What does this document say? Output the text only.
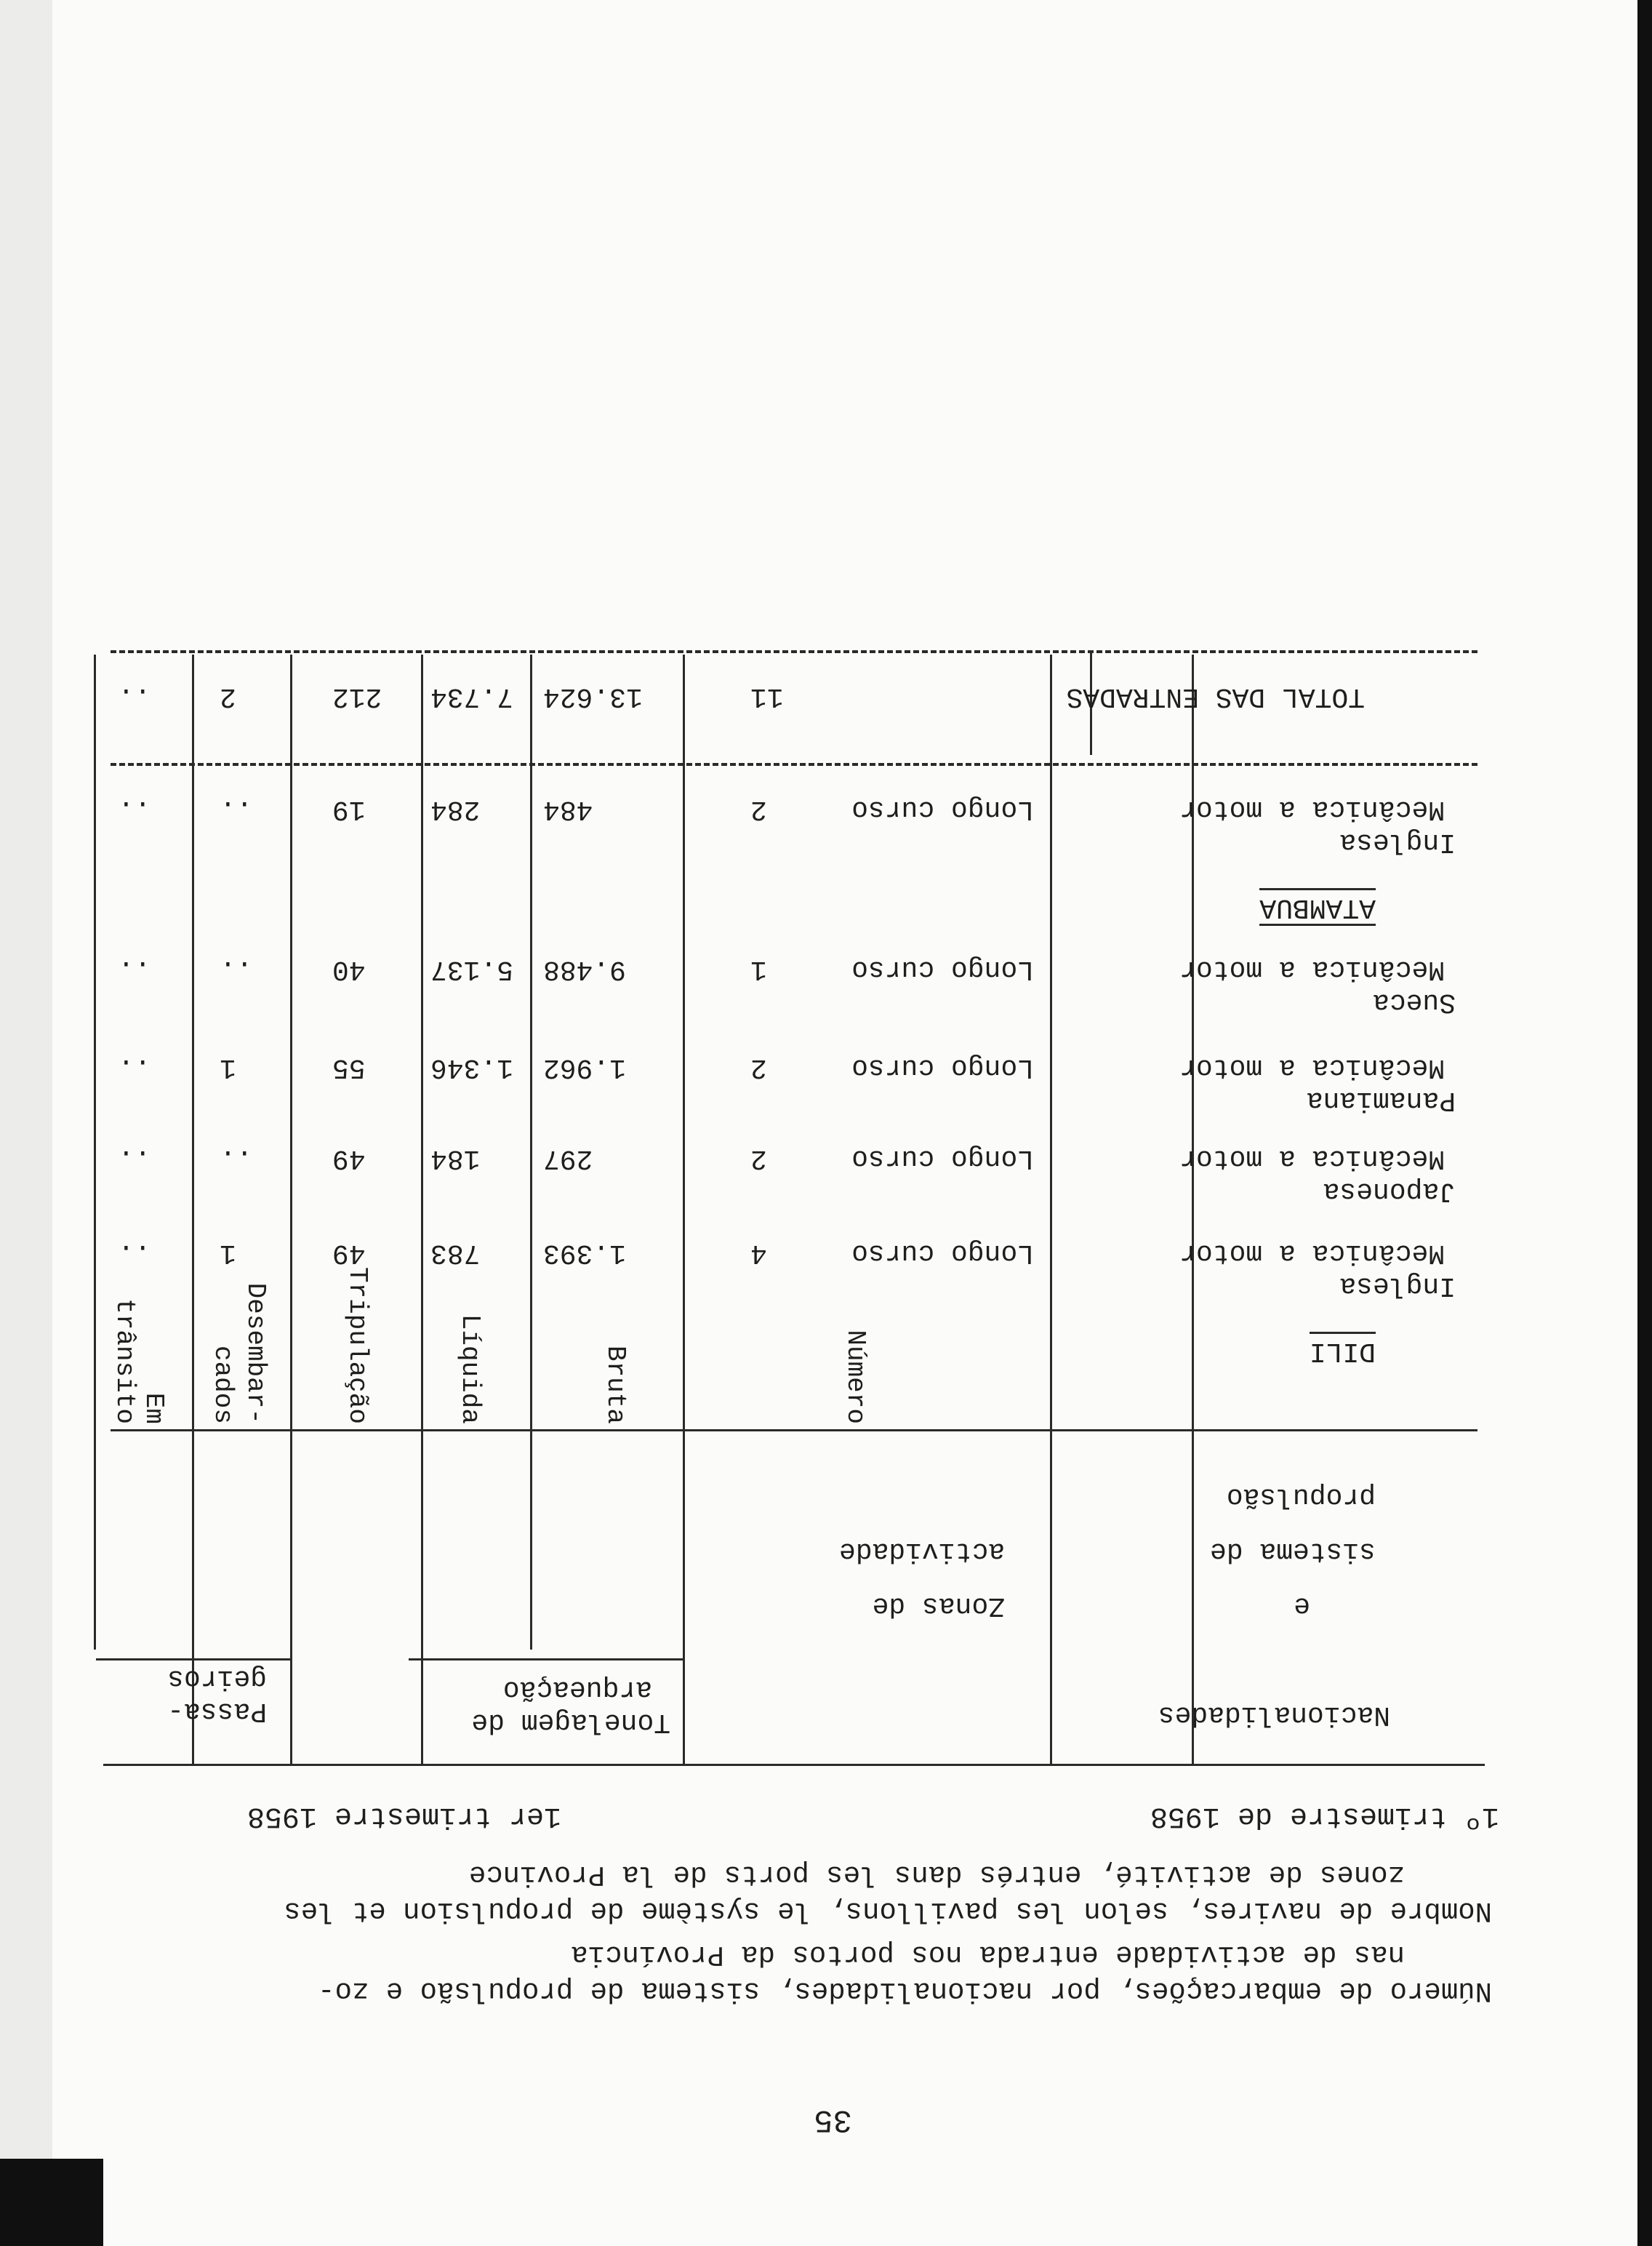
35
Número de embarcações, por nacionalidades, sistema de propulsão e zo-
nas de actividade entrada nos portos da Província
Nombre de navires, selon les pavillons, le système de propulsion et les
zones de activité, entrés dans les ports de la Province
1º trimestre de 1958
1er trimestre 1958
Nacionalidades
e
sistema de
propulsão
Zonas de
actividade
Número
Tonelagem de
arqueação
Bruta
Líquida
Tripulação
Passa-
geiros
Desembar-
cados
Em
trânsito	DILI
Inglesa
Mecânica a motor
Longo curso
4
1.393
783
49
1
..
Japonesa
Mecânica a motor
Longo curso
2
297
184
49
..
..
Panamiana
Mecânica a motor
Longo curso
2
1.962
1.346
55
1
..
Sueca
Mecânica a motor
Longo curso
1
9.488
5.137
40
..
..
ATAMBUA
Inglesa
Mecânica a motor
Longo curso
2
484
284
19
..
..
TOTAL DAS ENTRADAS
11
13.624
7.734
212
2
..
